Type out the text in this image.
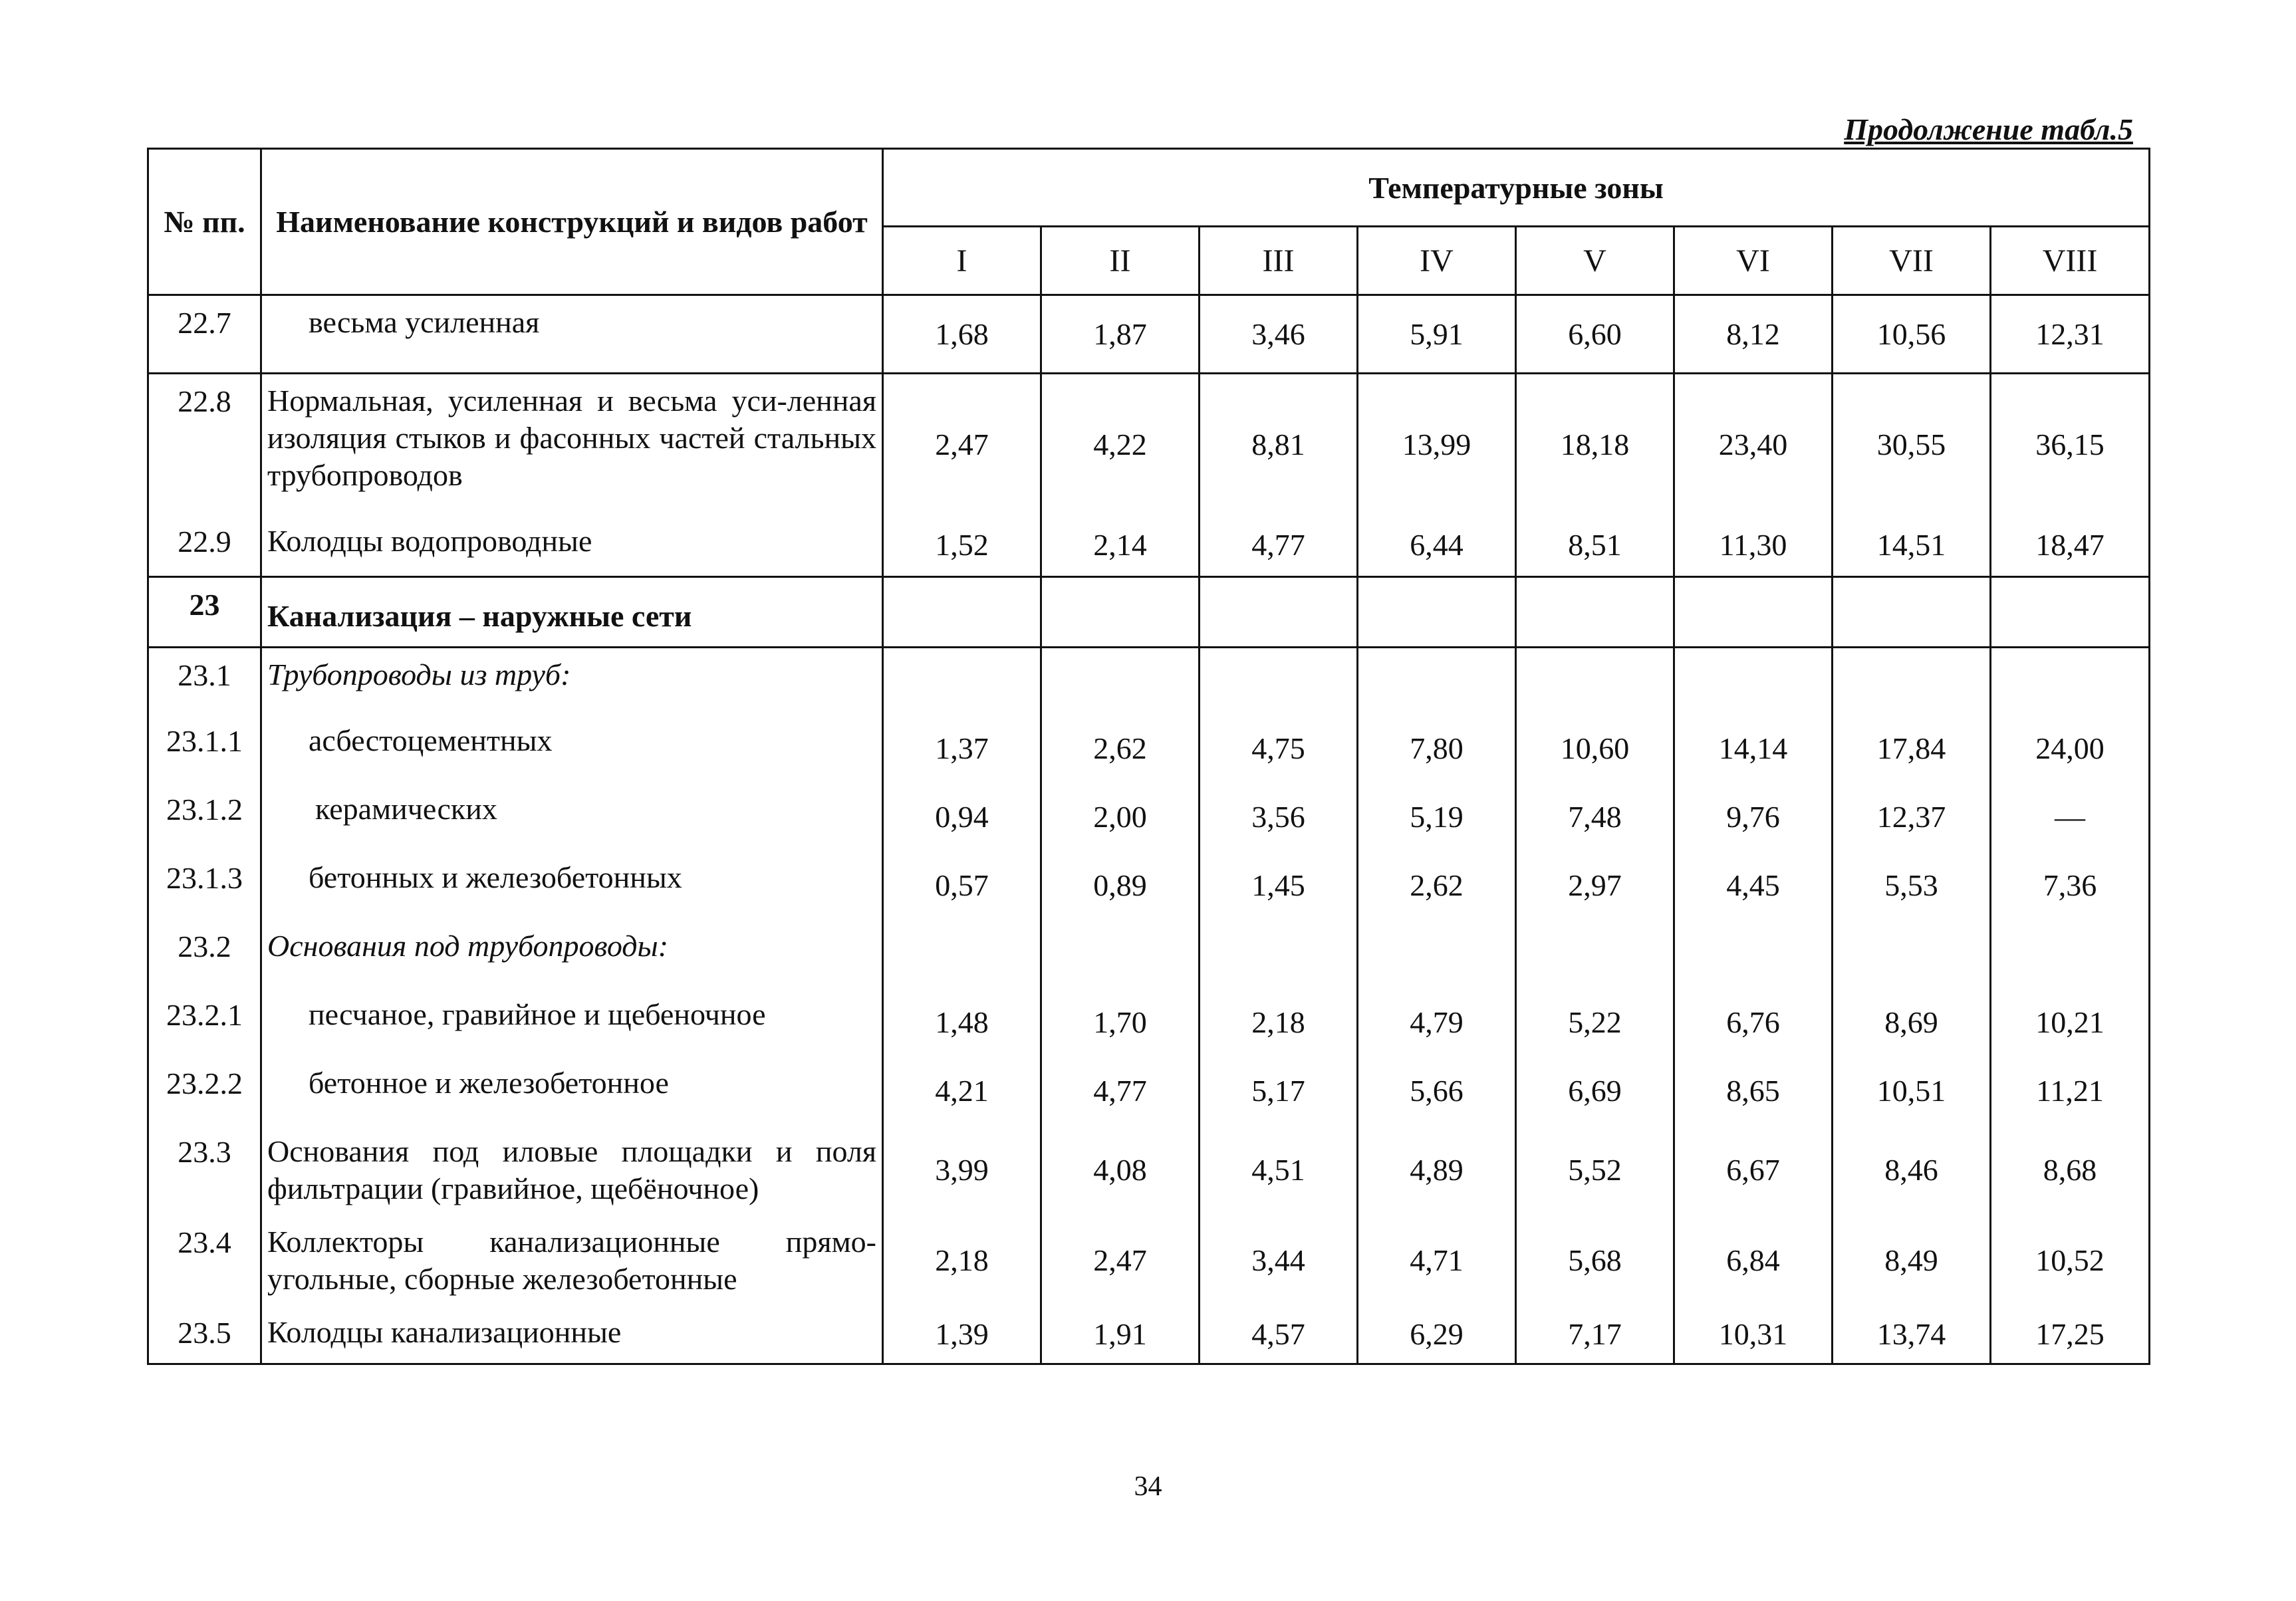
Продолжение табл.5
№ пп.	Наименование конструкций и видов работ	Температурные зоны							
		I	II	III	IV	V	VI	VII	VIII
22.7	весьма усиленная	1,68	1,87	3,46	5,91	6,60	8,12	10,56	12,31
22.8	Нормальная, усиленная и весьма уси-ленная изоляция стыков и фасонных частей стальных трубопроводов	2,47	4,22	8,81	13,99	18,18	23,40	30,55	36,15
22.9	Колодцы водопроводные	1,52	2,14	4,77	6,44	8,51	11,30	14,51	18,47
23	Канализация – наружные сети								
23.1	Трубопроводы из труб:								
23.1.1	асбестоцементных	1,37	2,62	4,75	7,80	10,60	14,14	17,84	24,00
23.1.2	керамических	0,94	2,00	3,56	5,19	7,48	9,76	12,37	—
23.1.3	бетонных и железобетонных	0,57	0,89	1,45	2,62	2,97	4,45	5,53	7,36
23.2	Основания под трубопроводы:								
23.2.1	песчаное, гравийное и щебеночное	1,48	1,70	2,18	4,79	5,22	6,76	8,69	10,21
23.2.2	бетонное и железобетонное	4,21	4,77	5,17	5,66	6,69	8,65	10,51	11,21
23.3	Основания под иловые площадки и поля фильтрации (гравийное, щебёночное)	3,99	4,08	4,51	4,89	5,52	6,67	8,46	8,68
23.4	Коллекторы канализационные прямо-угольные, сборные железобетонные	2,18	2,47	3,44	4,71	5,68	6,84	8,49	10,52
23.5	Колодцы канализационные	1,39	1,91	4,57	6,29	7,17	10,31	13,74	17,25
34
